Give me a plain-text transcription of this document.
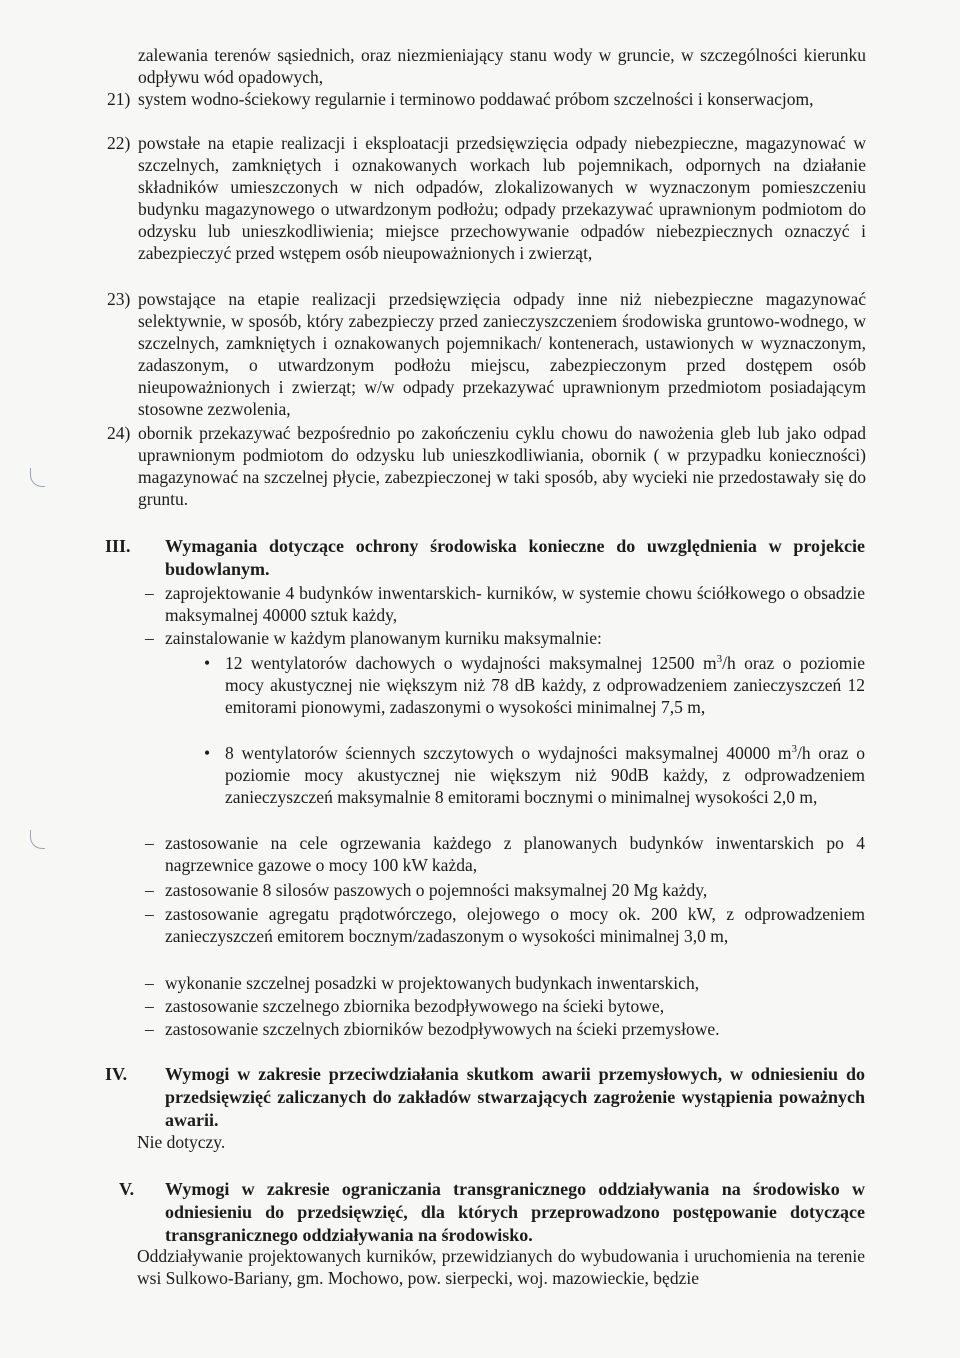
zalewania terenów sąsiednich, oraz niezmieniający stanu wody w gruncie, w szczególności kierunku odpływu wód opadowych,

21) system wodno-ściekowy regularnie i terminowo poddawać próbom szczelności i konserwacjom,

22) powstałe na etapie realizacji i eksploatacji przedsięwzięcia odpady niebezpieczne, magazynować w szczelnych, zamkniętych i oznakowanych workach lub pojemnikach, odpornych na działanie składników umieszczonych w nich odpadów, zlokalizowanych w wyznaczonym pomieszczeniu budynku magazynowego o utwardzonym podłożu; odpady przekazywać uprawnionym podmiotom do odzysku lub unieszkodliwienia; miejsce przechowywanie odpadów niebezpiecznych oznaczyć i zabezpieczyć przed wstępem osób nieupoważnionych i zwierząt,

23) powstające na etapie realizacji przedsięwzięcia odpady inne niż niebezpieczne magazynować selektywnie, w sposób, który zabezpieczy przed zanieczyszczeniem środowiska gruntowo-wodnego, w szczelnych, zamkniętych i oznakowanych pojemnikach/ kontenerach, ustawionych w wyznaczonym, zadaszonym, o utwardzonym podłożu miejscu, zabezpieczonym przed dostępem osób nieupoważnionych i zwierząt; w/w odpady przekazywać uprawnionym przedmiotom posiadającym stosowne zezwolenia,

24) obornik przekazywać bezpośrednio po zakończeniu cyklu chowu do nawożenia gleb lub jako odpad uprawnionym podmiotom do odzysku lub unieszkodliwiania, obornik ( w przypadku konieczności) magazynować na szczelnej płycie, zabezpieczonej w taki sposób, aby wycieki nie przedostawały się do gruntu.

III. Wymagania dotyczące ochrony środowiska konieczne do uwzględnienia w projekcie budowlanym.

– zaprojektowanie 4 budynków inwentarskich- kurników, w systemie chowu ściółkowego o obsadzie maksymalnej 40000 sztuk każdy,

– zainstalowanie w każdym planowanym kurniku maksymalnie:

• 12 wentylatorów dachowych o wydajności maksymalnej 12500 $m^3/h$ oraz o poziomie mocy akustycznej nie większym niż 78 dB każdy, z odprowadzeniem zanieczyszczeń 12 emitorami pionowymi, zadaszonymi o wysokości minimalnej 7,5 m,

• 8 wentylatorów ściennych szczytowych o wydajności maksymalnej 40000 $m^3/h$ oraz o poziomie mocy akustycznej nie większym niż 90dB każdy, z odprowadzeniem zanieczyszczeń maksymalnie 8 emitorami bocznymi o minimalnej wysokości 2,0 m,

– zastosowanie na cele ogrzewania każdego z planowanych budynków inwentarskich po 4 nagrzewnice gazowe o mocy 100 kW każda,

– zastosowanie 8 silosów paszowych o pojemności maksymalnej 20 Mg każdy,

– zastosowanie agregatu prądotwórczego, olejowego o mocy ok. 200 kW, z odprowadzeniem zanieczyszczeń emitorem bocznym/zadaszonym o wysokości minimalnej 3,0 m,

– wykonanie szczelnej posadzki w projektowanych budynkach inwentarskich,

– zastosowanie szczelnego zbiornika bezodpływowego na ścieki bytowe,

– zastosowanie szczelnych zbiorników bezodpływowych na ścieki przemysłowe.

IV. Wymogi w zakresie przeciwdziałania skutkom awarii przemysłowych, w odniesieniu do przedsięwzięć zaliczanych do zakładów stwarzających zagrożenie wystąpienia poważnych awarii.

Nie dotyczy.

V. Wymogi w zakresie ograniczania transgranicznego oddziaływania na środowisko w odniesieniu do przedsięwzięć, dla których przeprowadzono postępowanie dotyczące transgranicznego oddziaływania na środowisko.

Oddziaływanie projektowanych kurników, przewidzianych do wybudowania i uruchomienia na terenie wsi Sulkowo-Bariany, gm. Mochowo, pow. sierpecki, woj. mazowieckie, będzie
